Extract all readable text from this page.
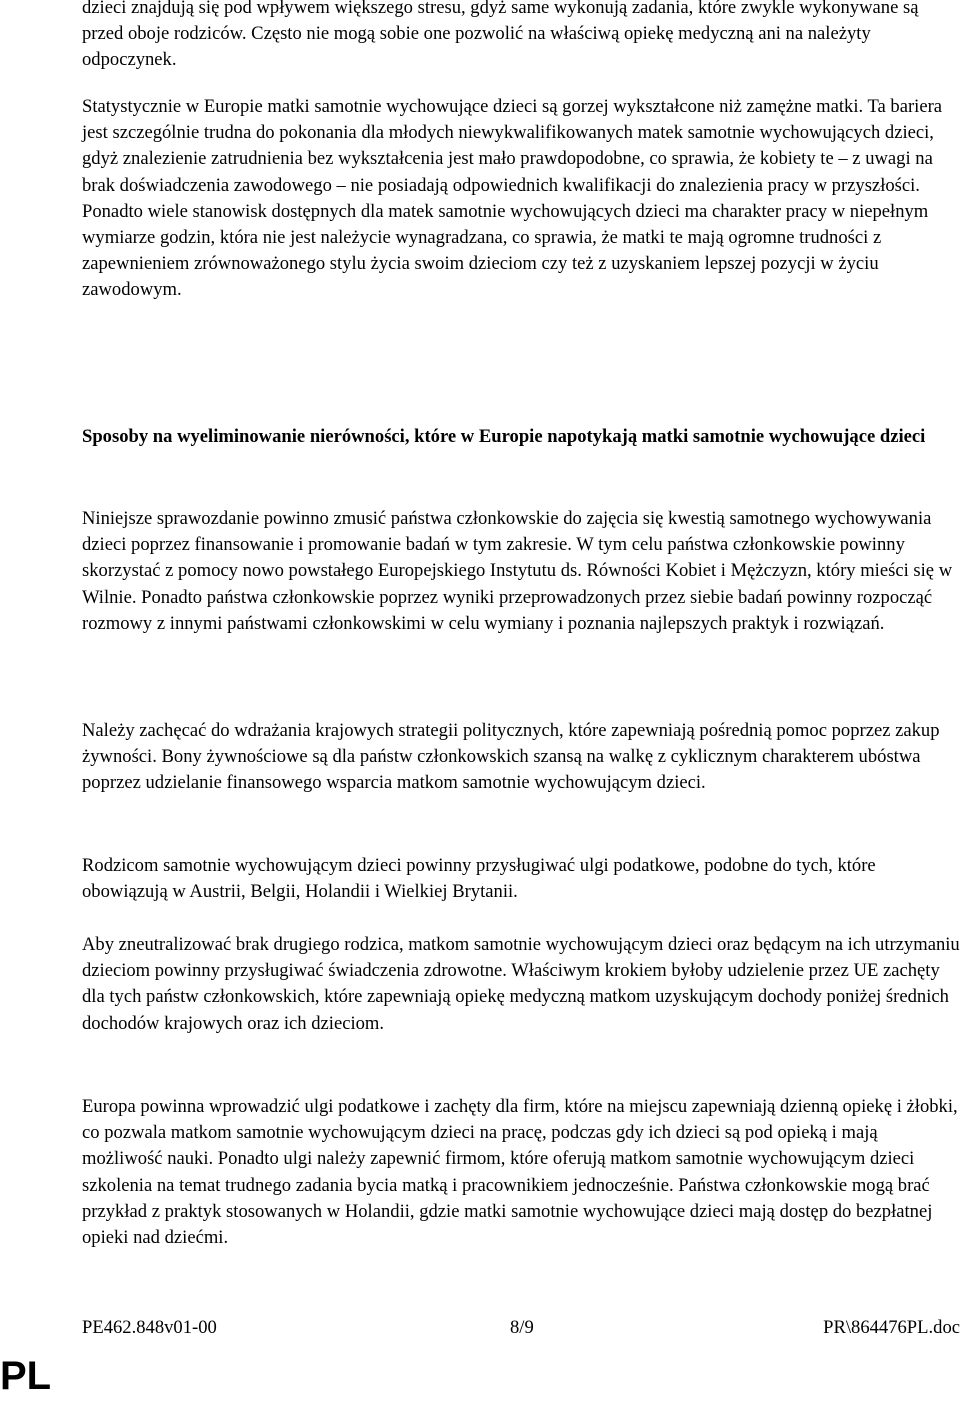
dzieci znajdują się pod wpływem większego stresu, gdyż same wykonują zadania, które zwykle wykonywane są przed oboje rodziców. Często nie mogą sobie one pozwolić na właściwą opiekę medyczną ani na należyty odpoczynek.

Statystycznie w Europie matki samotnie wychowujące dzieci są gorzej wykształcone niż zamężne matki. Ta bariera jest szczególnie trudna do pokonania dla młodych niewykwalifikowanych matek samotnie wychowujących dzieci, gdyż znalezienie zatrudnienia bez wykształcenia jest mało prawdopodobne, co sprawia, że kobiety te – z uwagi na brak doświadczenia zawodowego – nie posiadają odpowiednich kwalifikacji do znalezienia pracy w przyszłości. Ponadto wiele stanowisk dostępnych dla matek samotnie wychowujących dzieci ma charakter pracy w niepełnym wymiarze godzin, która nie jest należycie wynagradzana, co sprawia, że matki te mają ogromne trudności z zapewnieniem zrównoważonego stylu życia swoim dzieciom czy też z uzyskaniem lepszej pozycji w życiu zawodowym.

Sposoby na wyeliminowanie nierówności, które w Europie napotykają matki samotnie wychowujące dzieci

Niniejsze sprawozdanie powinno zmusić państwa członkowskie do zajęcia się kwestią samotnego wychowywania dzieci poprzez finansowanie i promowanie badań w tym zakresie. W tym celu państwa członkowskie powinny skorzystać z pomocy nowo powstałego Europejskiego Instytutu ds. Równości Kobiet i Mężczyzn, który mieści się w Wilnie. Ponadto państwa członkowskie poprzez wyniki przeprowadzonych przez siebie badań powinny rozpocząć rozmowy z innymi państwami członkowskimi w celu wymiany i poznania najlepszych praktyk i rozwiązań.

Należy zachęcać do wdrażania krajowych strategii politycznych, które zapewniają pośrednią pomoc poprzez zakup żywności. Bony żywnościowe są dla państw członkowskich szansą na walkę z cyklicznym charakterem ubóstwa poprzez udzielanie finansowego wsparcia matkom samotnie wychowującym dzieci.

Rodzicom samotnie wychowującym dzieci powinny przysługiwać ulgi podatkowe, podobne do tych, które obowiązują w Austrii, Belgii, Holandii i Wielkiej Brytanii.

Aby zneutralizować brak drugiego rodzica, matkom samotnie wychowującym dzieci oraz będącym na ich utrzymaniu dzieciom powinny przysługiwać świadczenia zdrowotne. Właściwym krokiem byłoby udzielenie przez UE zachęty dla tych państw członkowskich, które zapewniają opiekę medyczną matkom uzyskującym dochody poniżej średnich dochodów krajowych oraz ich dzieciom.

Europa powinna wprowadzić ulgi podatkowe i zachęty dla firm, które na miejscu zapewniają dzienną opiekę i żłobki, co pozwala matkom samotnie wychowującym dzieci na pracę, podczas gdy ich dzieci są pod opieką i mają możliwość nauki. Ponadto ulgi należy zapewnić firmom, które oferują matkom samotnie wychowującym dzieci szkolenia na temat trudnego zadania bycia matką i pracownikiem jednocześnie. Państwa członkowskie mogą brać przykład z praktyk stosowanych w Holandii, gdzie matki samotnie wychowujące dzieci mają dostęp do bezpłatnej opieki nad dziećmi.

PE462.848v01-00	8/9	PR\864476PL.doc
PL
